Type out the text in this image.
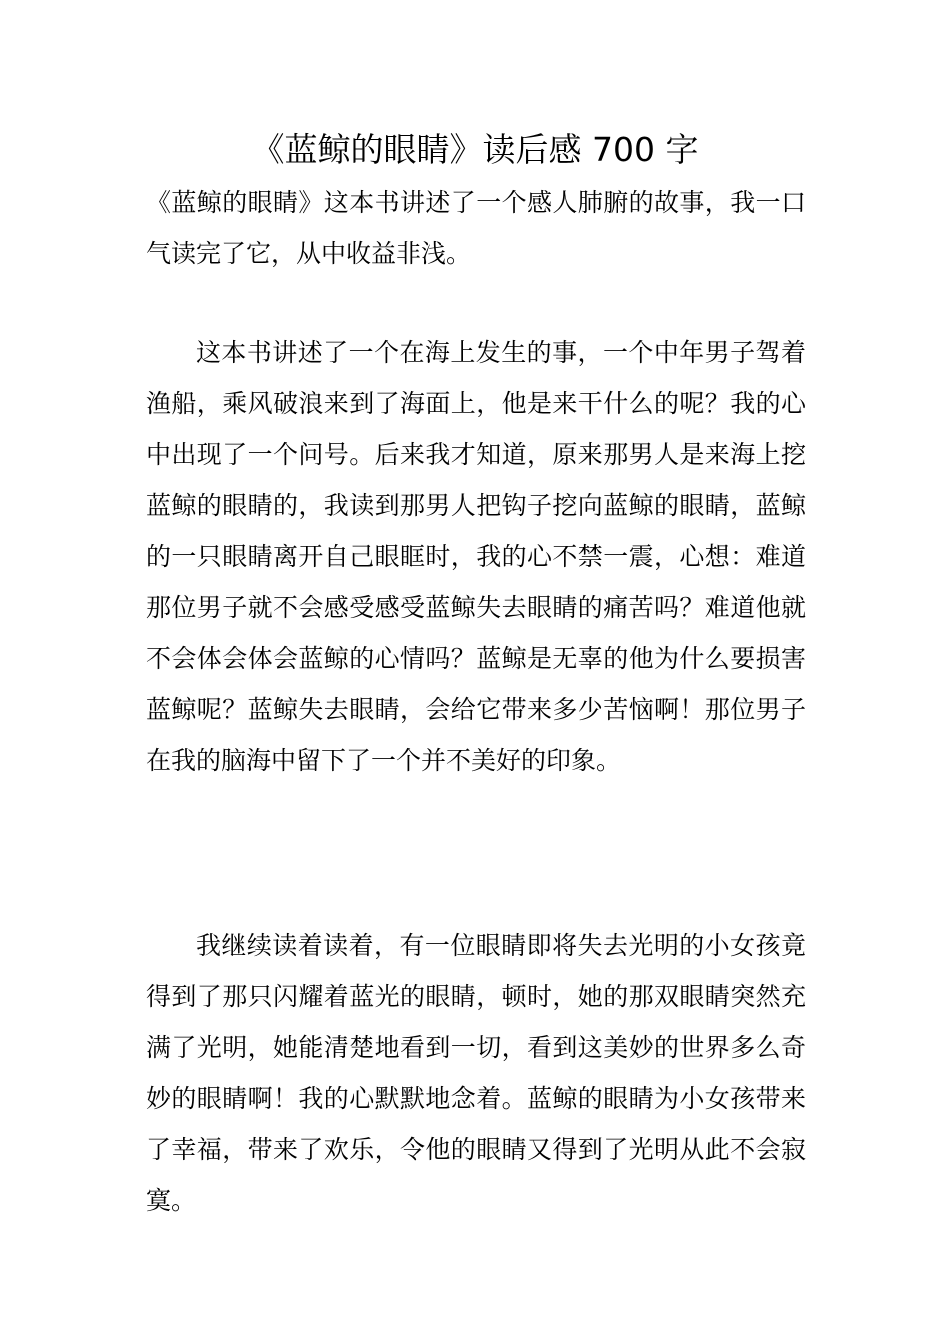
《蓝鲸的眼睛》读后感 700 字

《蓝鲸的眼睛》这本书讲述了一个感人肺腑的故事，我一口气读完了它，从中收益非浅。

这本书讲述了一个在海上发生的事，一个中年男子驾着渔船，乘风破浪来到了海面上，他是来干什么的呢？我的心中出现了一个问号。后来我才知道，原来那男人是来海上挖蓝鲸的眼睛的，我读到那男人把钩子挖向蓝鲸的眼睛，蓝鲸的一只眼睛离开自己眼眶时，我的心不禁一震，心想：难道那位男子就不会感受感受蓝鲸失去眼睛的痛苦吗？难道他就不会体会体会蓝鲸的心情吗？蓝鲸是无辜的他为什么要损害蓝鲸呢？蓝鲸失去眼睛，会给它带来多少苦恼啊！那位男子在我的脑海中留下了一个并不美好的印象。

我继续读着读着，有一位眼睛即将失去光明的小女孩竟得到了那只闪耀着蓝光的眼睛，顿时，她的那双眼睛突然充满了光明，她能清楚地看到一切，看到这美妙的世界多么奇妙的眼睛啊！我的心默默地念着。蓝鲸的眼睛为小女孩带来了幸福，带来了欢乐，令他的眼睛又得到了光明从此不会寂寞。
